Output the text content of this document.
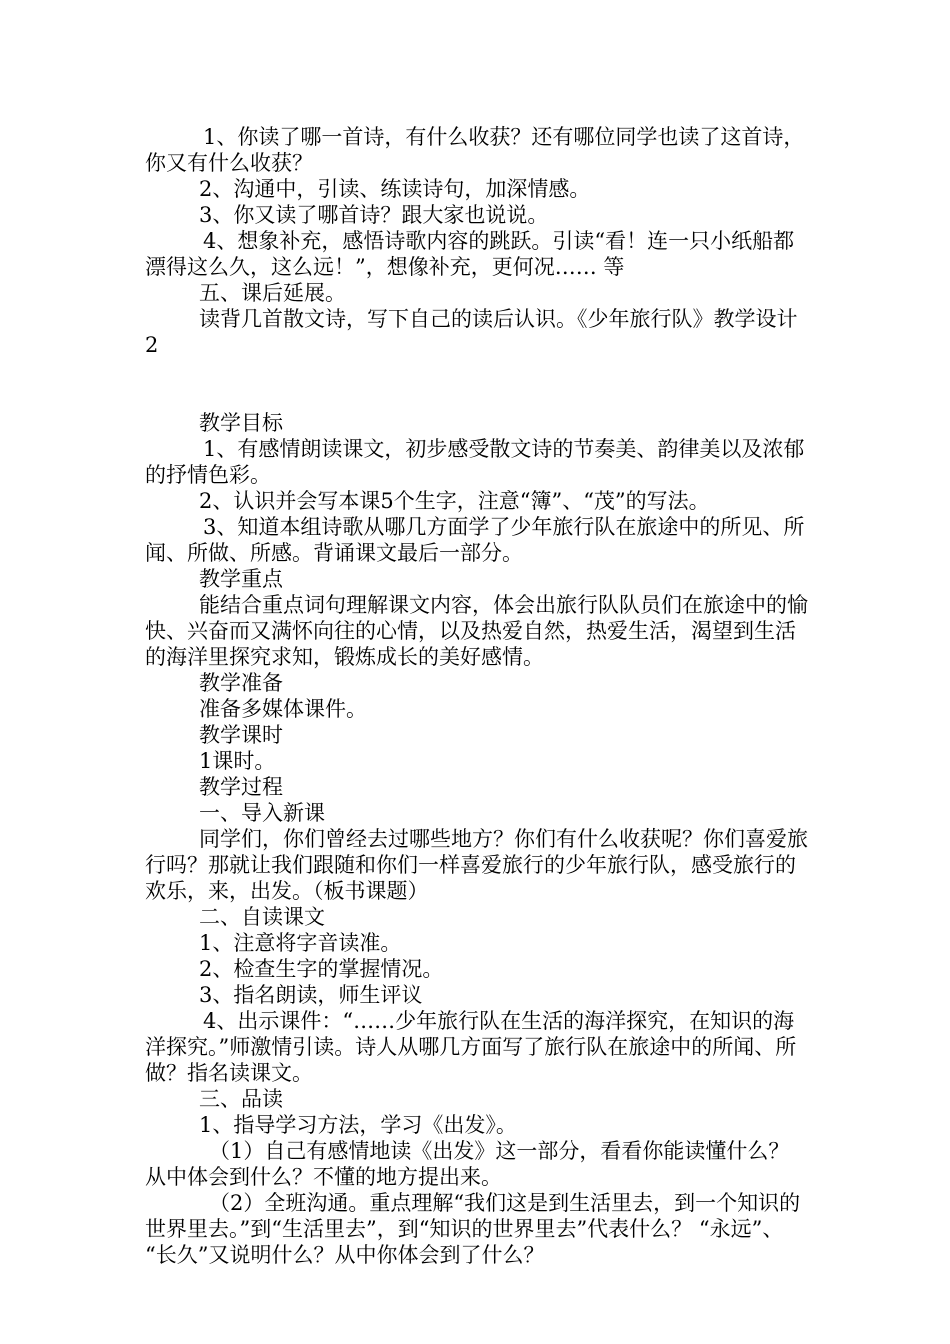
1、你读了哪一首诗，有什么收获？还有哪位同学也读了这首诗，你又有什么收获？

2、沟通中，引读、练读诗句，加深情感。

3、你又读了哪首诗？跟大家也说说。

4、想象补充，感悟诗歌内容的跳跃。引读“看！连一只小纸船都漂得这么久，这么远！”，想像补充，更何况…… 等

五、课后延展。

读背几首散文诗，写下自己的读后认识。《少年旅行队》教学设计2

教学目标

1、有感情朗读课文，初步感受散文诗的节奏美、韵律美以及浓郁的抒情色彩。

2、认识并会写本课5个生字，注意“簿”、“茂”的写法。

3、知道本组诗歌从哪几方面学了少年旅行队在旅途中的所见、所闻、所做、所感。背诵课文最后一部分。

教学重点

能结合重点词句理解课文内容，体会出旅行队队员们在旅途中的愉快、兴奋而又满怀向往的心情，以及热爱自然，热爱生活，渴望到生活的海洋里探究求知，锻炼成长的美好感情。

教学准备

准备多媒体课件。

教学课时

1课时。

教学过程

一、导入新课

同学们，你们曾经去过哪些地方？你们有什么收获呢？你们喜爱旅行吗？那就让我们跟随和你们一样喜爱旅行的少年旅行队，感受旅行的欢乐，来，出发。（板书课题）

二、自读课文

1、注意将字音读准。

2、检查生字的掌握情况。

3、指名朗读，师生评议

4、出示课件：“……少年旅行队在生活的海洋探究，在知识的海洋探究。”师激情引读。诗人从哪几方面写了旅行队在旅途中的所闻、所做？指名读课文。

三、品读

1、指导学习方法，学习《出发》。

（1）自己有感情地读《出发》这一部分，看看你能读懂什么？从中体会到什么？不懂的地方提出来。

（2）全班沟通。重点理解“我们这是到生活里去，到一个知识的世界里去。”到“生活里去”，到“知识的世界里去”代表什么？ “永远”、 “长久”又说明什么？从中你体会到了什么？
